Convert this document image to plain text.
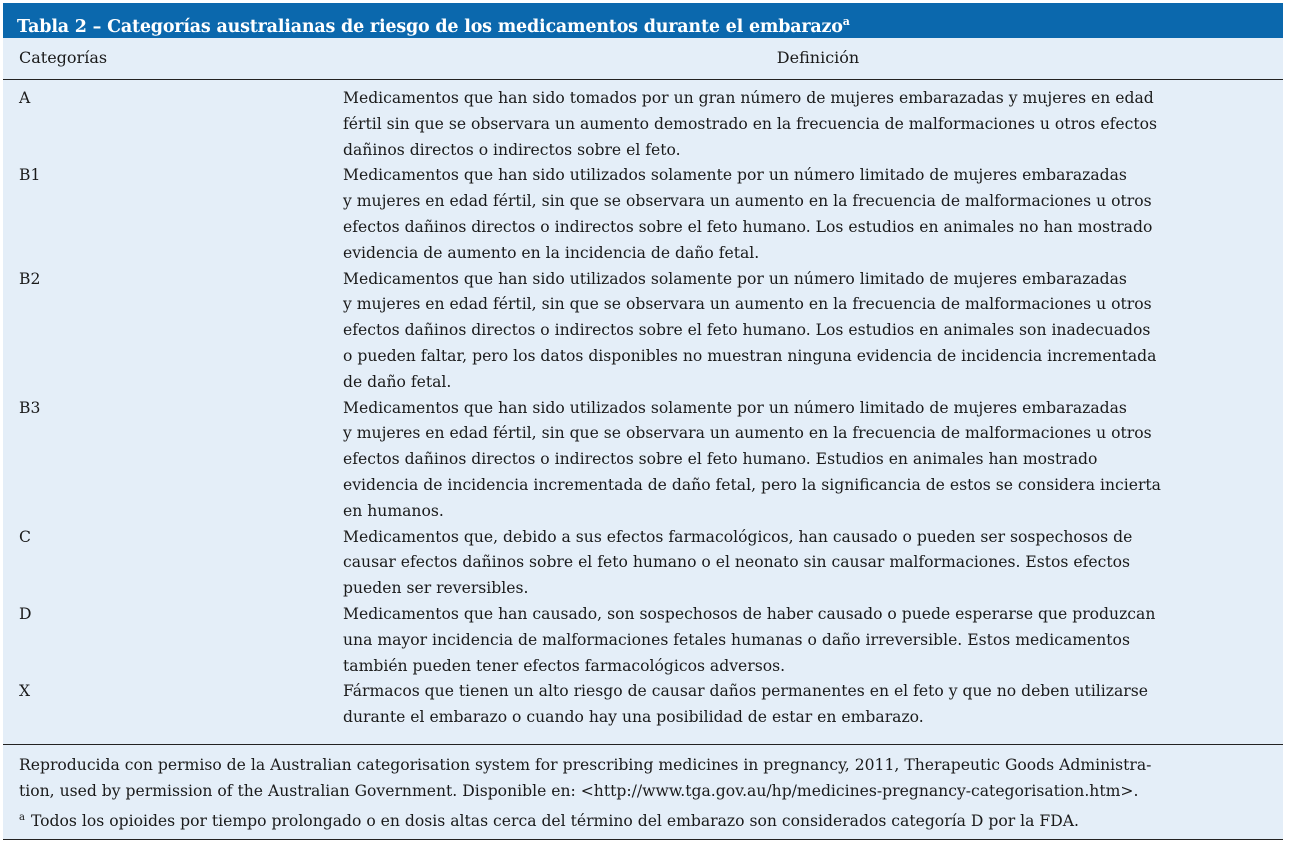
Tabla 2 – Categorías australianas de riesgo de los medicamentos durante el embarazo$^a$
Categorías	Definición
A	Medicamentos que han sido tomados por un gran número de mujeres embarazadas y mujeres en edad
fértil sin que se observara un aumento demostrado en la frecuencia de malformaciones u otros efectos
dañinos directos o indirectos sobre el feto.
B1	Medicamentos que han sido utilizados solamente por un número limitado de mujeres embarazadas
y mujeres en edad fértil, sin que se observara un aumento en la frecuencia de malformaciones u otros
efectos dañinos directos o indirectos sobre el feto humano. Los estudios en animales no han mostrado
evidencia de aumento en la incidencia de daño fetal.
B2	Medicamentos que han sido utilizados solamente por un número limitado de mujeres embarazadas
y mujeres en edad fértil, sin que se observara un aumento en la frecuencia de malformaciones u otros
efectos dañinos directos o indirectos sobre el feto humano. Los estudios en animales son inadecuados
o pueden faltar, pero los datos disponibles no muestran ninguna evidencia de incidencia incrementada
de daño fetal.
B3	Medicamentos que han sido utilizados solamente por un número limitado de mujeres embarazadas
y mujeres en edad fértil, sin que se observara un aumento en la frecuencia de malformaciones u otros
efectos dañinos directos o indirectos sobre el feto humano. Estudios en animales han mostrado
evidencia de incidencia incrementada de daño fetal, pero la significancia de estos se considera incierta
en humanos.
C	Medicamentos que, debido a sus efectos farmacológicos, han causado o pueden ser sospechosos de
causar efectos dañinos sobre el feto humano o el neonato sin causar malformaciones. Estos efectos
pueden ser reversibles.
D	Medicamentos que han causado, son sospechosos de haber causado o puede esperarse que produzcan
una mayor incidencia de malformaciones fetales humanas o daño irreversible. Estos medicamentos
también pueden tener efectos farmacológicos adversos.
X	Fármacos que tienen un alto riesgo de causar daños permanentes en el feto y que no deben utilizarse
durante el embarazo o cuando hay una posibilidad de estar en embarazo.
Reproducida con permiso de la Australian categorisation system for prescribing medicines in pregnancy, 2011, Therapeutic Goods Administra-
tion, used by permission of the Australian Government. Disponible en: <http://www.tga.gov.au/hp/medicines-pregnancy-categorisation.htm>.
$^a$ Todos los opioides por tiempo prolongado o en dosis altas cerca del término del embarazo son considerados categoría D por la FDA.
